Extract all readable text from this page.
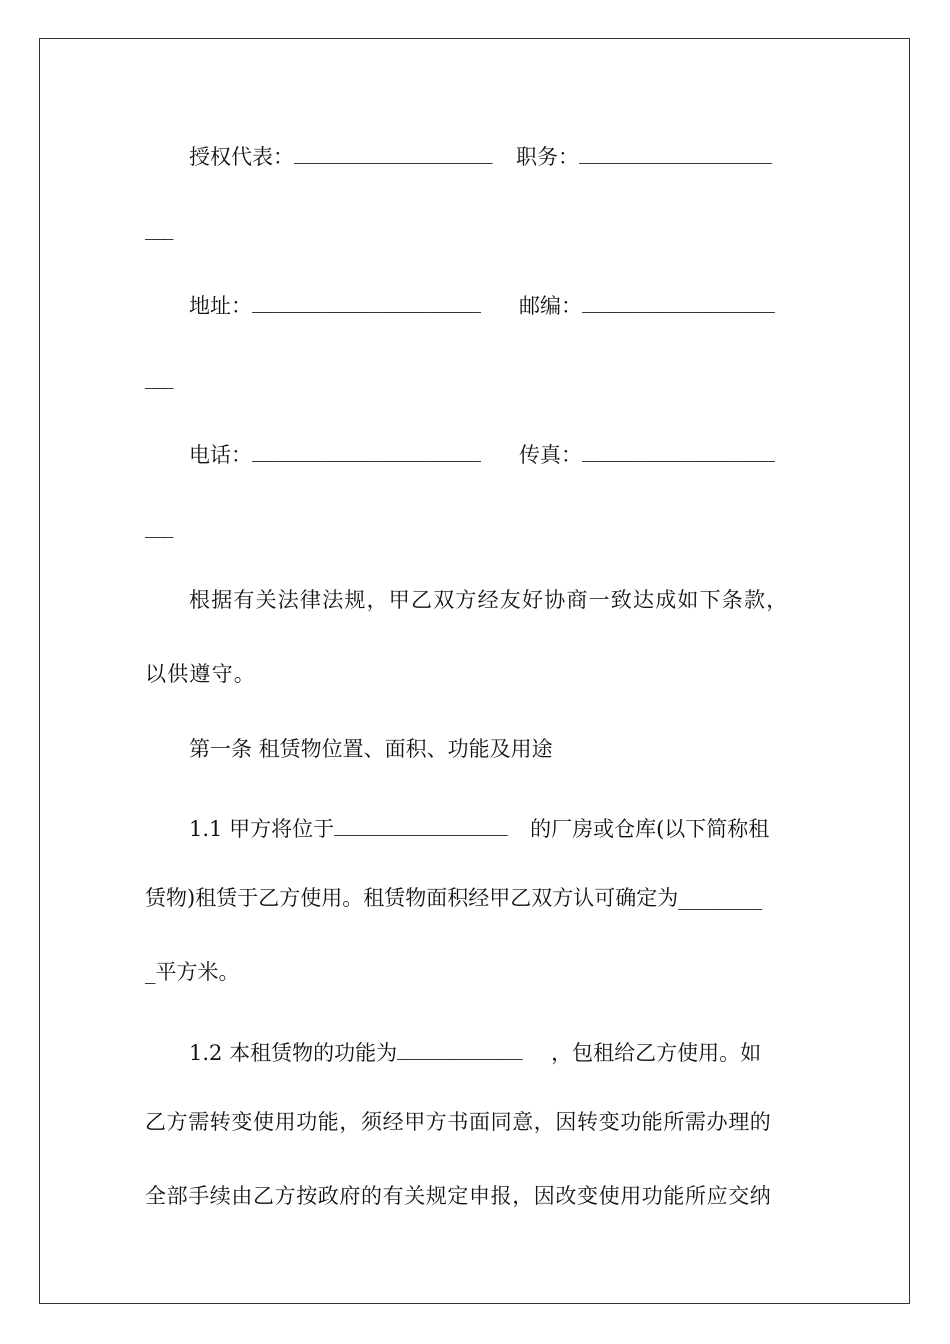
授权代表：____________________ 职务：____________________
___
地址：________________________ 邮编：____________________
___
电话：________________________ 传真：____________________
___
根据有关法律法规，甲乙双方经友好协商一致达成如下条款，
以供遵守。
第一条 租赁物位置、面积、功能及用途
1.1 甲方将位于__________________ 的厂房或仓库(以下简称租
赁物)租赁于乙方使用。租赁物面积经甲乙双方认可确定为________
_平方米。
1.2 本租赁物的功能为_____________ ，包租给乙方使用。如
乙方需转变使用功能，须经甲方书面同意，因转变功能所需办理的
全部手续由乙方按政府的有关规定申报，因改变使用功能所应交纳
